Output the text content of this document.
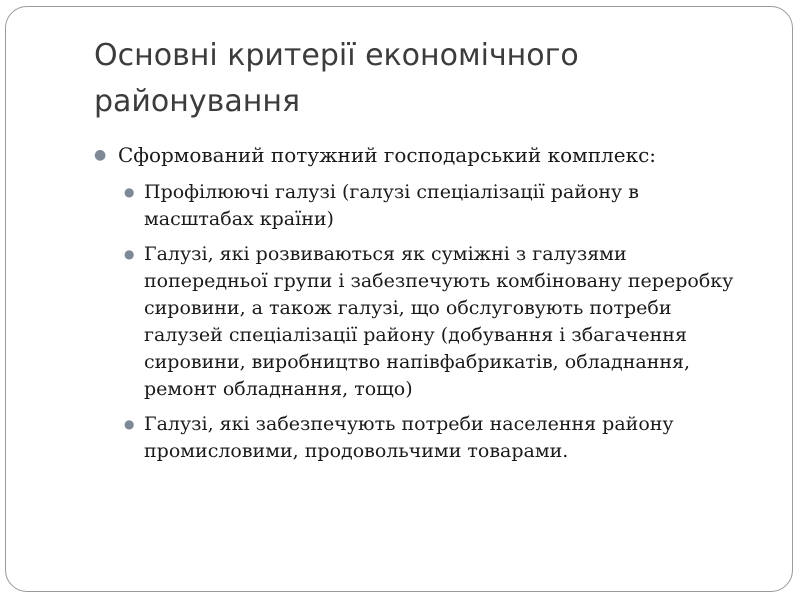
Основні критерії економічного районування
● Сформований потужний господарський комплекс:
● Профілюючі галузі (галузі спеціалізації району в масштабах країни)
● Галузі, які розвиваються як суміжні з галузями попередньої групи і забезпечують комбіновану переробку сировини, а також галузі, що обслуговують потреби галузей спеціалізації району (добування і збагачення сировини, виробництво напівфабрикатів, обладнання, ремонт обладнання, тощо)
● Галузі, які забезпечують потреби населення району промисловими, продовольчими товарами.
